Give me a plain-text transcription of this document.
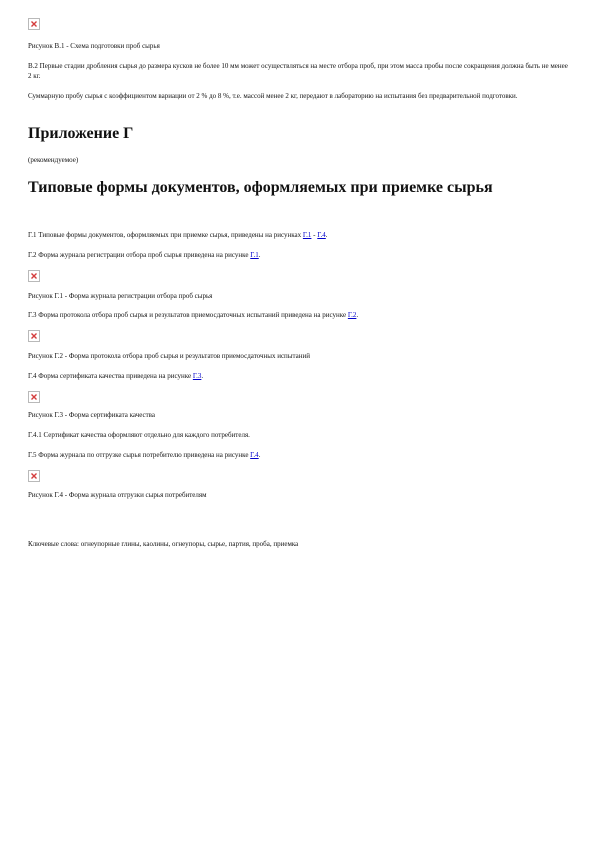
Рисунок В.1 - Схема подготовки проб сырья

В.2 Первые стадии дробления сырья до размера кусков не более 10 мм может осуществляться на месте отбора проб, при этом масса пробы после сокращения должна быть не менее 2 кг.

Суммарную пробу сырья с коэффициентом вариации от 2 % до 8 %, т.е. массой менее 2 кг, передают в лабораторию на испытания без предварительной подготовки.

Приложение Г

(рекомендуемое)

Типовые формы документов, оформляемых при приемке сырья

Г.1 Типовые формы документов, оформляемых при приемке сырья, приведены на рисунках Г.1 - Г.4.

Г.2 Форма журнала регистрации отбора проб сырья приведена на рисунке Г.1.

Рисунок Г.1 - Форма журнала регистрации отбора проб сырья

Г.3 Форма протокола отбора проб сырья и результатов приемосдаточных испытаний приведена на рисунке Г.2.

Рисунок Г.2 - Форма протокола отбора проб сырья и результатов приемосдаточных испытаний

Г.4 Форма сертификата качества приведена на рисунке Г.3.

Рисунок Г.3 - Форма сертификата качества

Г.4.1 Сертификат качества оформляют отдельно для каждого потребителя.

Г.5 Форма журнала по отгрузке сырья потребителю приведена на рисунке Г.4.

Рисунок Г.4 - Форма журнала отгрузки сырья потребителям

Ключевые слова: огнеупорные глины, каолины, огнеупоры, сырье, партия, проба, приемка
